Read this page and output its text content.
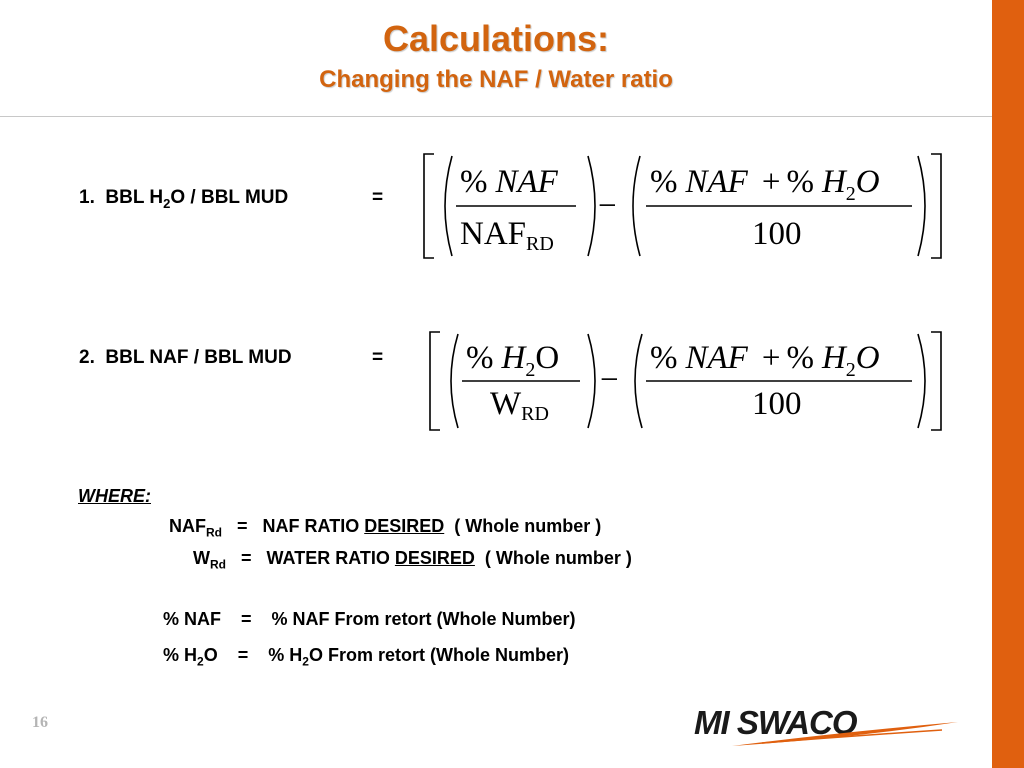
Calculations:
Changing the NAF / Water ratio
1. BBL $H_2O$ / BBL MUD	= % NAF
NAFRD
−
% NAF + % $H_2O$
100
2. BBL NAF / BBL MUD	=	% $H_2O$
WRD
−
% NAF + % $H_2O$
100
WHERE:
$NAF_{Rd}$ = NAF RATIO DESIRED ( Whole number )
$W_{Rd}$ = WATER RATIO DESIRED ( Whole number )
% NAF = % NAF From retort (Whole Number)
% $H_2O$ = % $H_2O$ From retort (Whole Number)
16	MI SWACO
